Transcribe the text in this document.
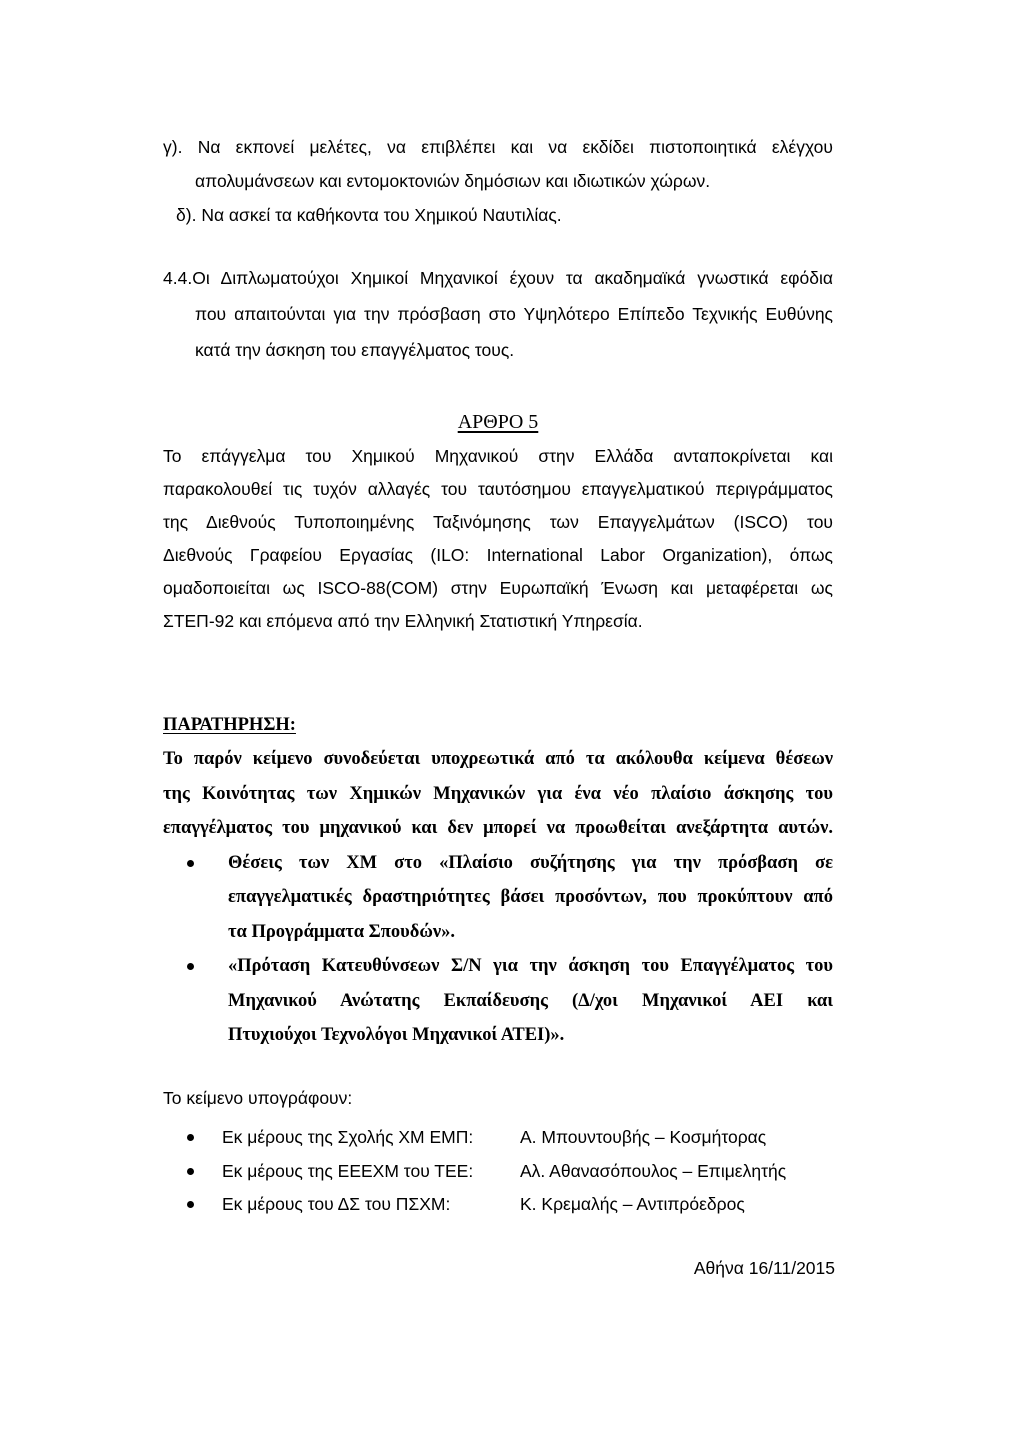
γ). Να εκπονεί μελέτες, να επιβλέπει και να εκδίδει πιστοποιητικά ελέγχου
απολυμάνσεων και εντομοκτονιών δημόσιων και ιδιωτικών χώρων.
δ). Να ασκεί τα καθήκοντα του Χημικού Ναυτιλίας.
4.4.Οι Διπλωματούχοι Χημικοί Μηχανικοί έχουν τα ακαδημαϊκά γνωστικά εφόδια
που απαιτούνται για την πρόσβαση στο Υψηλότερο Επίπεδο Τεχνικής Ευθύνης
κατά την άσκηση του επαγγέλματος τους.
ΑΡΘΡΟ 5
Το επάγγελμα του Χημικού Μηχανικού στην Ελλάδα ανταποκρίνεται και
παρακολουθεί τις τυχόν αλλαγές του ταυτόσημου επαγγελματικού περιγράμματος
της Διεθνούς Τυποποιημένης Ταξινόμησης των Επαγγελμάτων (ISCO) του
Διεθνούς Γραφείου Εργασίας (ILO: International Labor Organization), όπως
ομαδοποιείται ως ISCO-88(COM) στην Ευρωπαϊκή Ένωση και μεταφέρεται ως
ΣΤΕΠ-92 και επόμενα από την Ελληνική Στατιστική Υπηρεσία.
ΠΑΡΑΤΗΡΗΣΗ:
Το παρόν κείμενο συνοδεύεται υποχρεωτικά από τα ακόλουθα κείμενα θέσεων
της Κοινότητας των Χημικών Μηχανικών για ένα νέο πλαίσιο άσκησης του
επαγγέλματος του μηχανικού και δεν μπορεί να προωθείται ανεξάρτητα αυτών.
Θέσεις των ΧΜ στο «Πλαίσιο συζήτησης για την πρόσβαση σε
επαγγελματικές δραστηριότητες βάσει προσόντων, που προκύπτουν από
τα Προγράμματα Σπουδών».
«Πρόταση Κατευθύνσεων Σ/Ν για την άσκηση του Επαγγέλματος του
Μηχανικού Ανώτατης Εκπαίδευσης (Δ/χοι Μηχανικοί ΑΕΙ και
Πτυχιούχοι Τεχνολόγοι Μηχανικοί ΑΤΕΙ)».
Το κείμενο υπογράφουν:
Εκ μέρους της Σχολής ΧΜ ΕΜΠ:	Α. Μπουντουβής – Κοσμήτορας
Εκ μέρους της ΕΕΕΧΜ του ΤΕΕ:	Αλ. Αθανασόπουλος – Επιμελητής
Εκ μέρους του ΔΣ του ΠΣΧΜ:	Κ. Κρεμαλής – Αντιπρόεδρος
Αθήνα 16/11/2015
